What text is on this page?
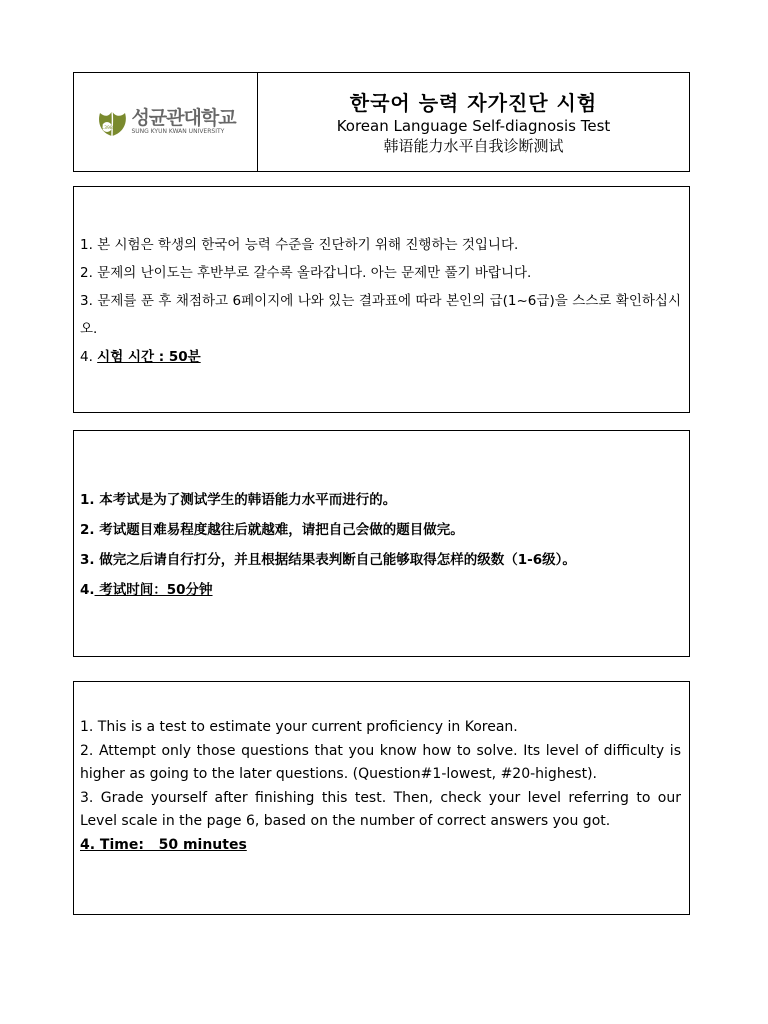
1398 성균관대학교
SUNG KYUN KWAN UNIVERSITY
한국어 능력 자가진단 시험
Korean Language Self-diagnosis Test
韩语能力水平自我诊断测试

1. 본 시험은 학생의 한국어 능력 수준을 진단하기 위해 진행하는 것입니다.

2. 문제의 난이도는 후반부로 갈수록 올라갑니다. 아는 문제만 풀기 바랍니다.

3. 문제를 푼 후 채점하고 6페이지에 나와 있는 결과표에 따라 본인의 급(1~6급)을 스스로 확인하십시오.

4. 시험 시간 : 50분

1. 本考试是为了测试学生的韩语能力水平而进行的。

2. 考试题目难易程度越往后就越难，请把自己会做的题目做完。

3. 做完之后请自行打分，并且根据结果表判断自己能够取得怎样的级数（1-6级）。

4. 考试时间：50分钟

1. This is a test to estimate your current proficiency in Korean.

2. Attempt only those questions that you know how to solve. Its level of difficulty is higher as going to the later questions. (Question#1-lowest, #20-highest).

3. Grade yourself after finishing this test. Then, check your level referring to our Level scale in the page 6, based on the number of correct answers you got.

4. Time:   50 minutes
